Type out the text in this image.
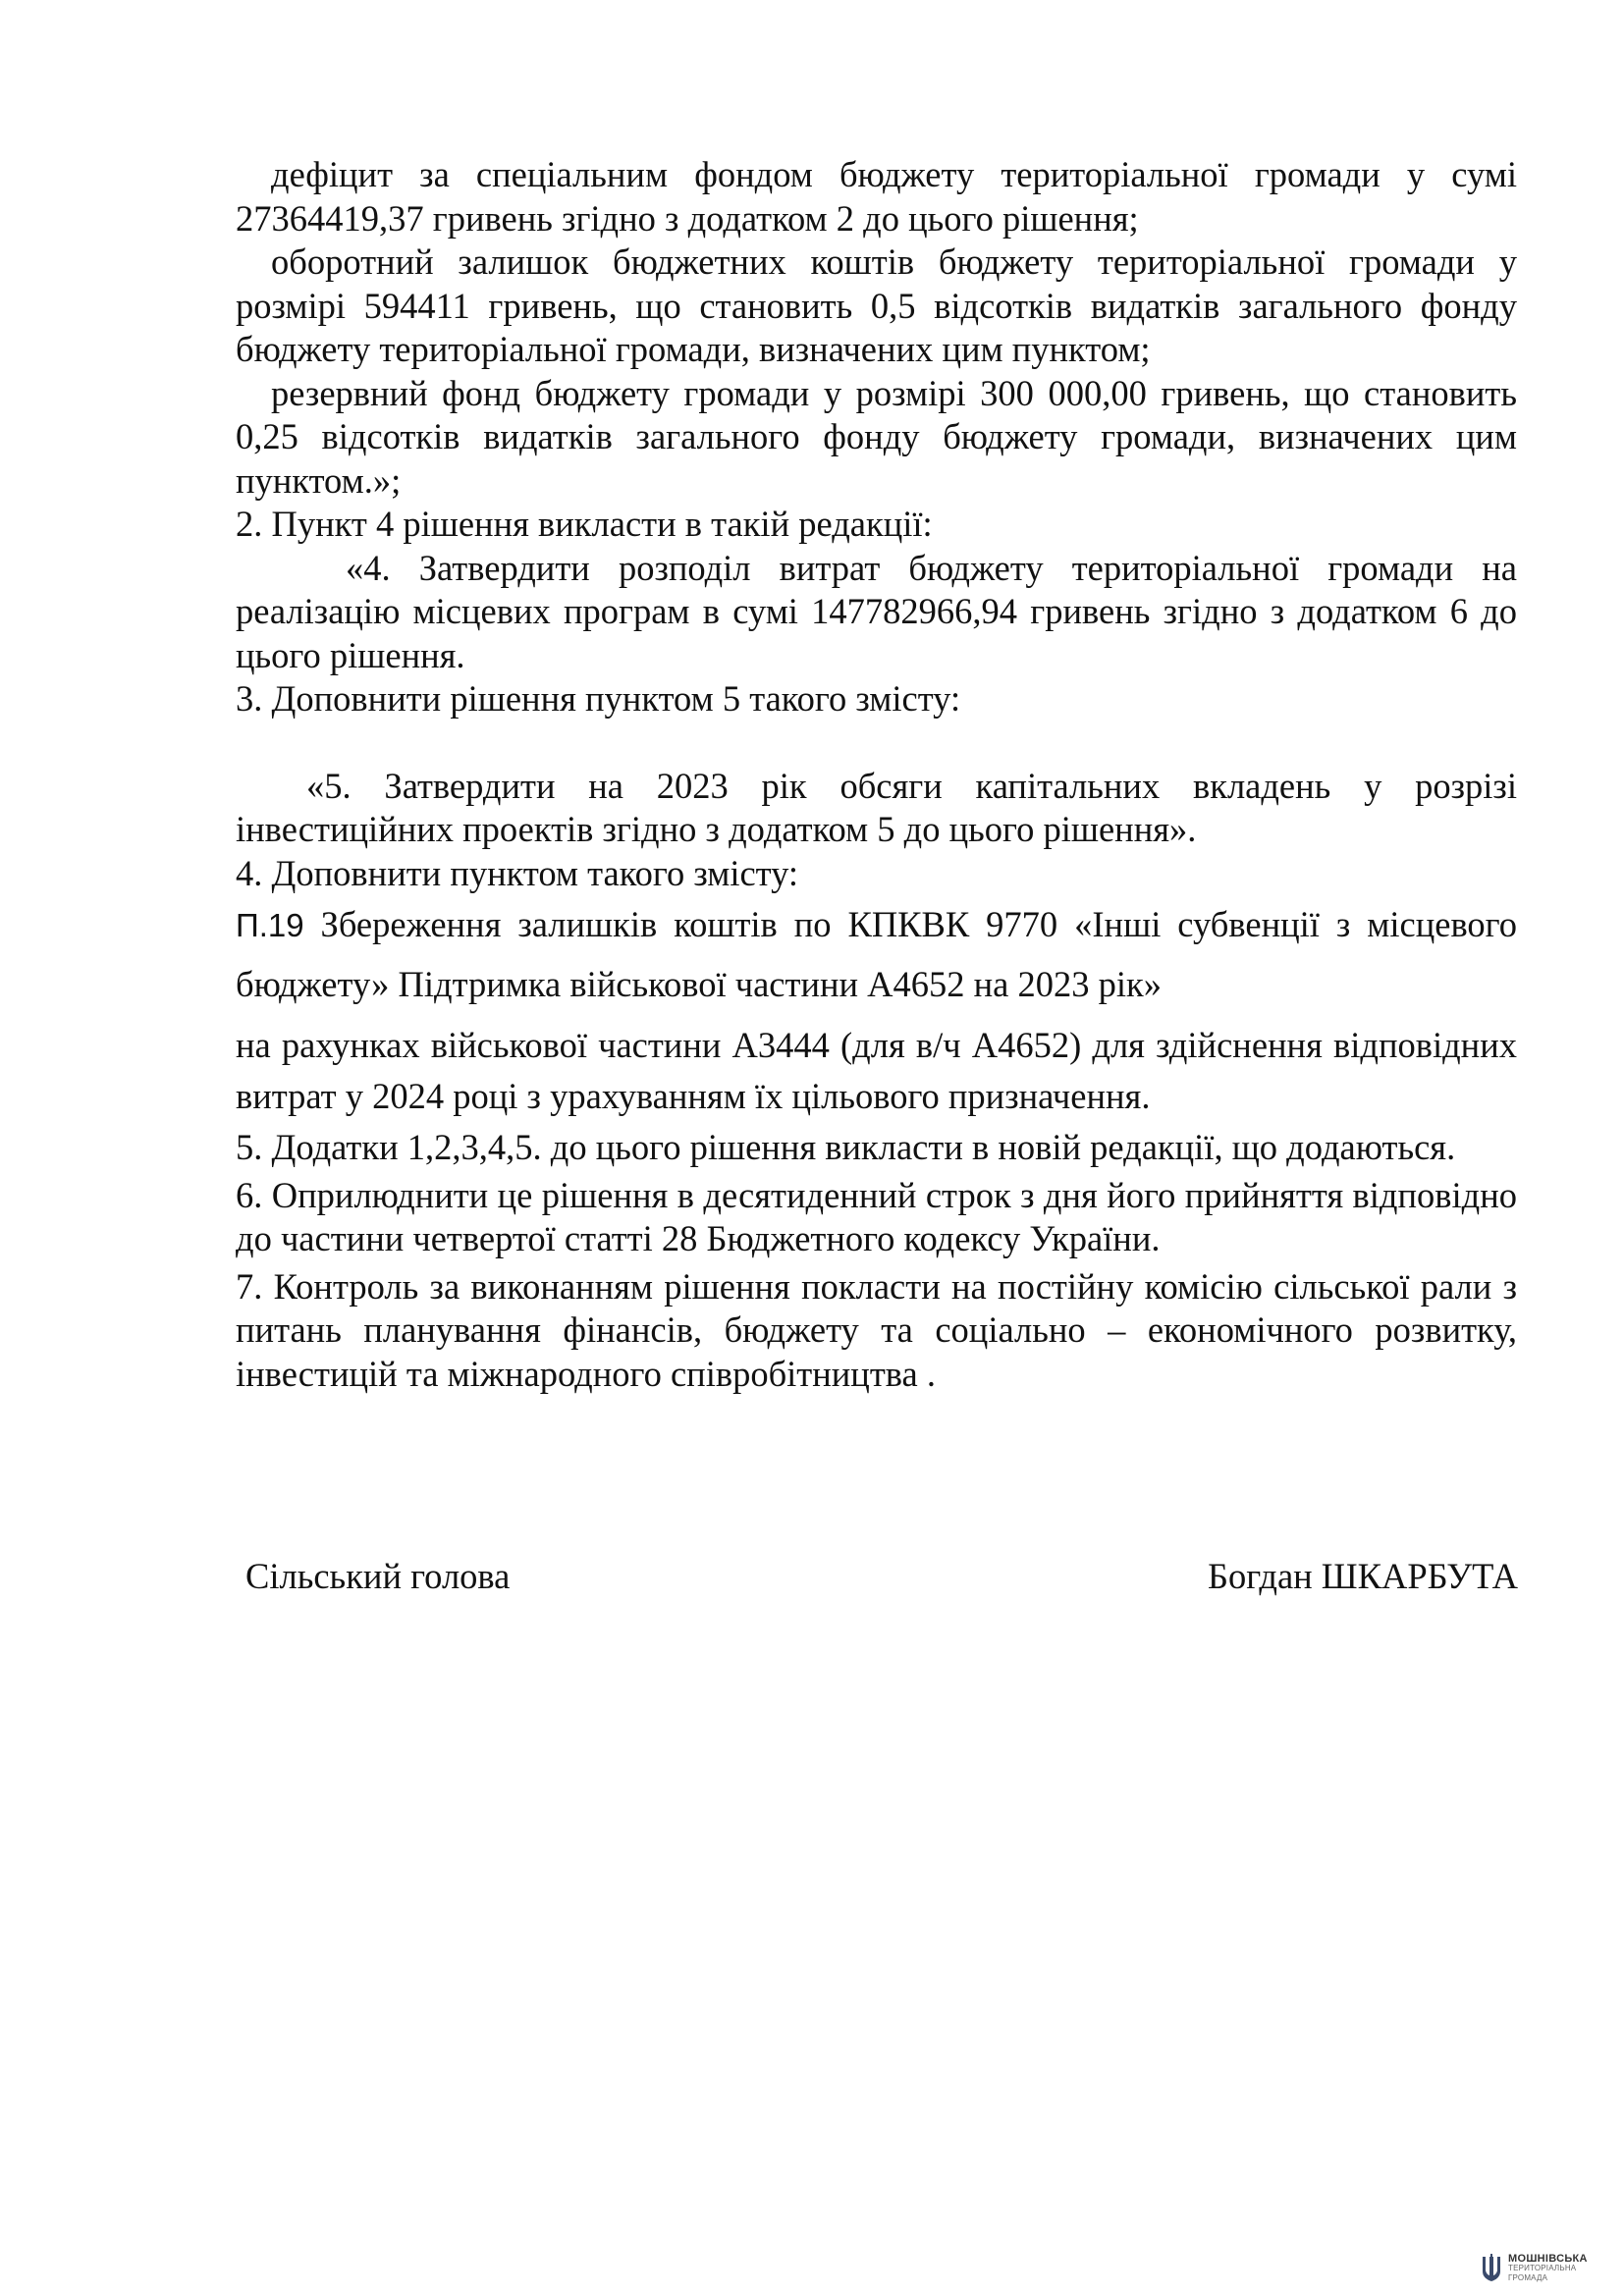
дефіцит за спеціальним фондом бюджету територіальної громади у сумі 27364419,37 гривень згідно з додатком 2 до цього рішення;

оборотний залишок бюджетних коштів бюджету територіальної громади у розмірі 594411 гривень, що становить 0,5 відсотків видатків загального фонду бюджету територіальної громади, визначених цим пунктом;

резервний фонд бюджету громади у розмірі 300 000,00 гривень, що становить 0,25 відсотків видатків загального фонду бюджету громади, визначених цим пунктом.»;

2. Пункт 4 рішення викласти в такій редакції:

«4. Затвердити розподіл витрат бюджету територіальної громади на реалізацію місцевих програм в сумі 147782966,94 гривень згідно з додатком 6 до цього рішення.

3. Доповнити рішення пунктом 5 такого змісту:

«5. Затвердити на 2023 рік обсяги капітальних вкладень у розрізі інвестиційних проектів згідно з додатком 5 до цього рішення».

4. Доповнити пунктом такого змісту:

П.19 Збереження залишків коштів по КПКВК 9770 «Інші субвенції з місцевого бюджету» Підтримка військової частини А4652 на 2023 рік»

на рахунках військової частини А3444 (для в/ч А4652) для здійснення відповідних витрат у 2024 році з урахуванням їх цільового призначення.

5. Додатки 1,2,3,4,5. до цього рішення викласти в новій редакції, що додаються.

6. Оприлюднити це рішення в десятиденний строк з дня його прийняття відповідно до частини четвертої статті 28 Бюджетного кодексу України.

7. Контроль за виконанням рішення покласти на постійну комісію сільської рали з питань планування фінансів, бюджету та соціально – економічного розвитку, інвестицій та міжнародного співробітництва .

Сільський голова	Богдан ШКАРБУТА
МОШНІВСЬКА
ТЕРИТОРІАЛЬНА
ГРОМАДА
